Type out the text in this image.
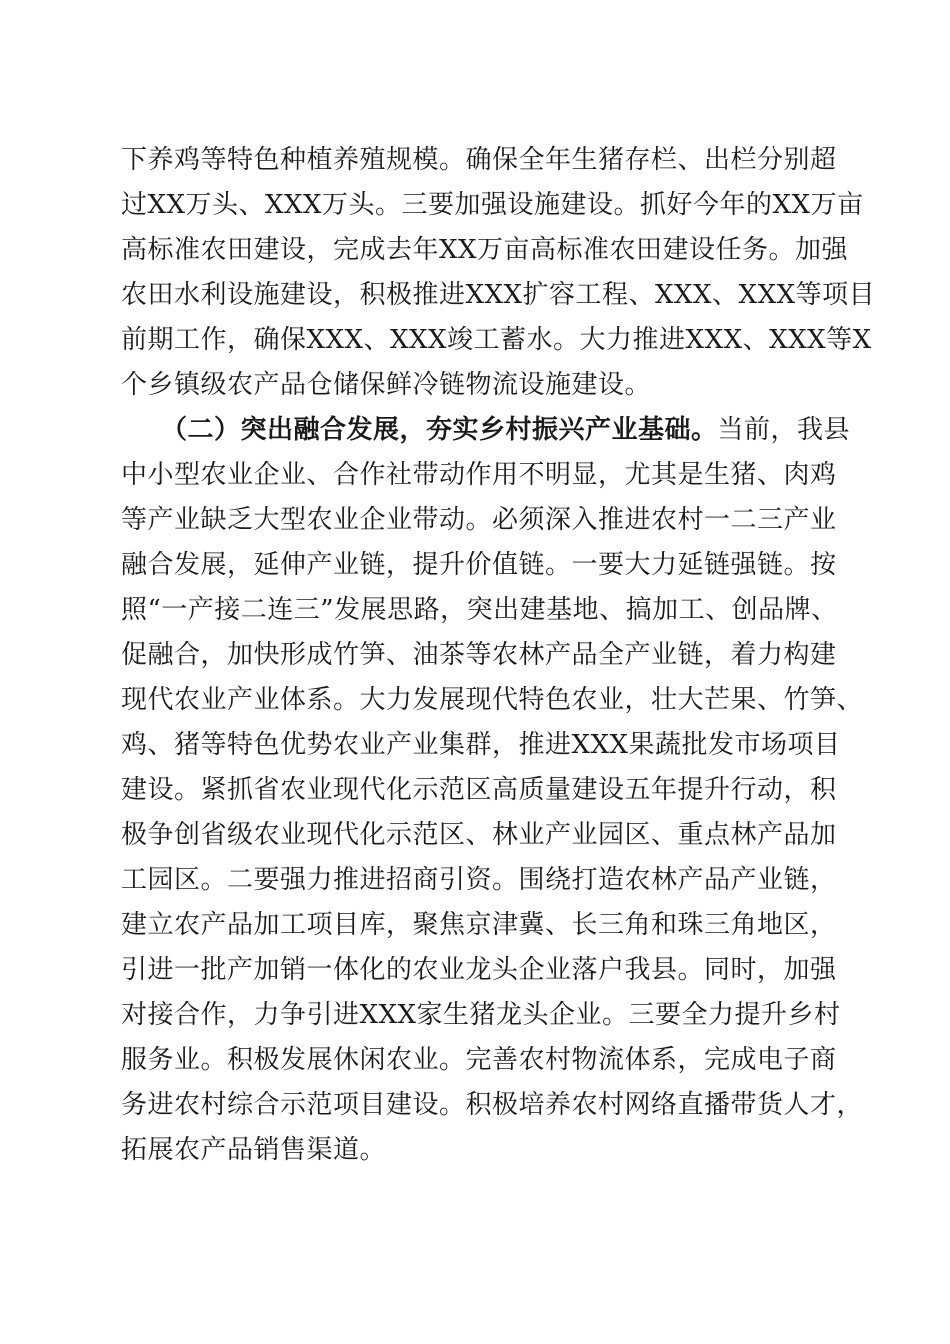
下养鸡等特色种植养殖规模。确保全年生猪存栏、出栏分别超
过XX万头、XXX万头。三要加强设施建设。抓好今年的XX万亩
高标准农田建设，完成去年XX万亩高标准农田建设任务。加强
农田水利设施建设，积极推进XXX扩容工程、XXX、XXX等项目
前期工作，确保XXX、XXX竣工蓄水。大力推进XXX、XXX等X
个乡镇级农产品仓储保鲜冷链物流设施建设。
（二）突出融合发展，夯实乡村振兴产业基础。当前，我县
中小型农业企业、合作社带动作用不明显，尤其是生猪、肉鸡
等产业缺乏大型农业企业带动。必须深入推进农村一二三产业
融合发展，延伸产业链，提升价值链。一要大力延链强链。按
照“一产接二连三”发展思路，突出建基地、搞加工、创品牌、
促融合，加快形成竹笋、油茶等农林产品全产业链，着力构建
现代农业产业体系。大力发展现代特色农业，壮大芒果、竹笋、
鸡、猪等特色优势农业产业集群，推进XXX果蔬批发市场项目
建设。紧抓省农业现代化示范区高质量建设五年提升行动，积
极争创省级农业现代化示范区、林业产业园区、重点林产品加
工园区。二要强力推进招商引资。围绕打造农林产品产业链，
建立农产品加工项目库，聚焦京津冀、长三角和珠三角地区，
引进一批产加销一体化的农业龙头企业落户我县。同时，加强
对接合作，力争引进XXX家生猪龙头企业。三要全力提升乡村
服务业。积极发展休闲农业。完善农村物流体系，完成电子商
务进农村综合示范项目建设。积极培养农村网络直播带货人才，
拓展农产品销售渠道。
